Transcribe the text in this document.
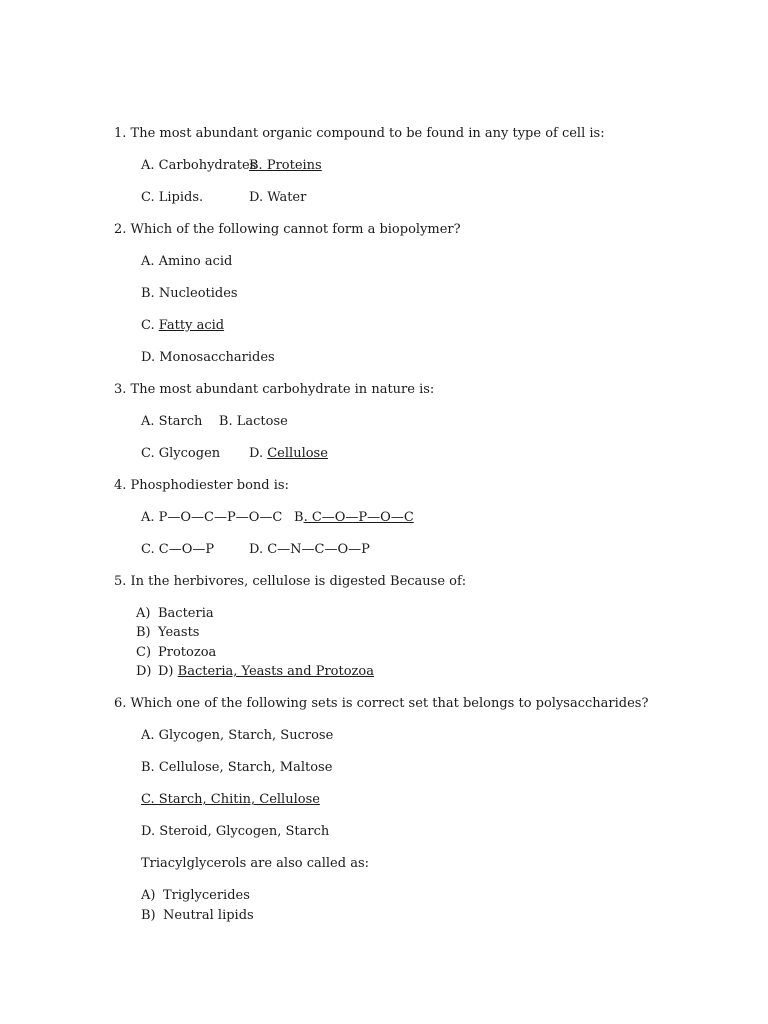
1. The most abundant organic compound to be found in any type of cell is:
A. Carbohydrates
B. Proteins
C. Lipids.	D. Water
2. Which of the following cannot form a biopolymer?
A. Amino acid
B. Nucleotides
C. Fatty acid
D. Monosaccharides
3. The most abundant carbohydrate in nature is:
A. Starch    B. Lactose
C. Glycogen D. Cellulose
4. Phosphodiester bond is:
A. P—O—C—P—O—C B. C—O—P—O—C
C. C—O—P	D. C—N—C—O—P
5. In the herbivores, cellulose is digested Because of:
A) Bacteria
B) Yeasts
C) Protozoa
D) D) Bacteria, Yeasts and Protozoa
6. Which one of the following sets is correct set that belongs to polysaccharides?
A. Glycogen, Starch, Sucrose
B. Cellulose, Starch, Maltose
C. Starch, Chitin, Cellulose
D. Steroid, Glycogen, Starch
Triacylglycerols are also called as:
A) Triglycerides
B) Neutral lipids
